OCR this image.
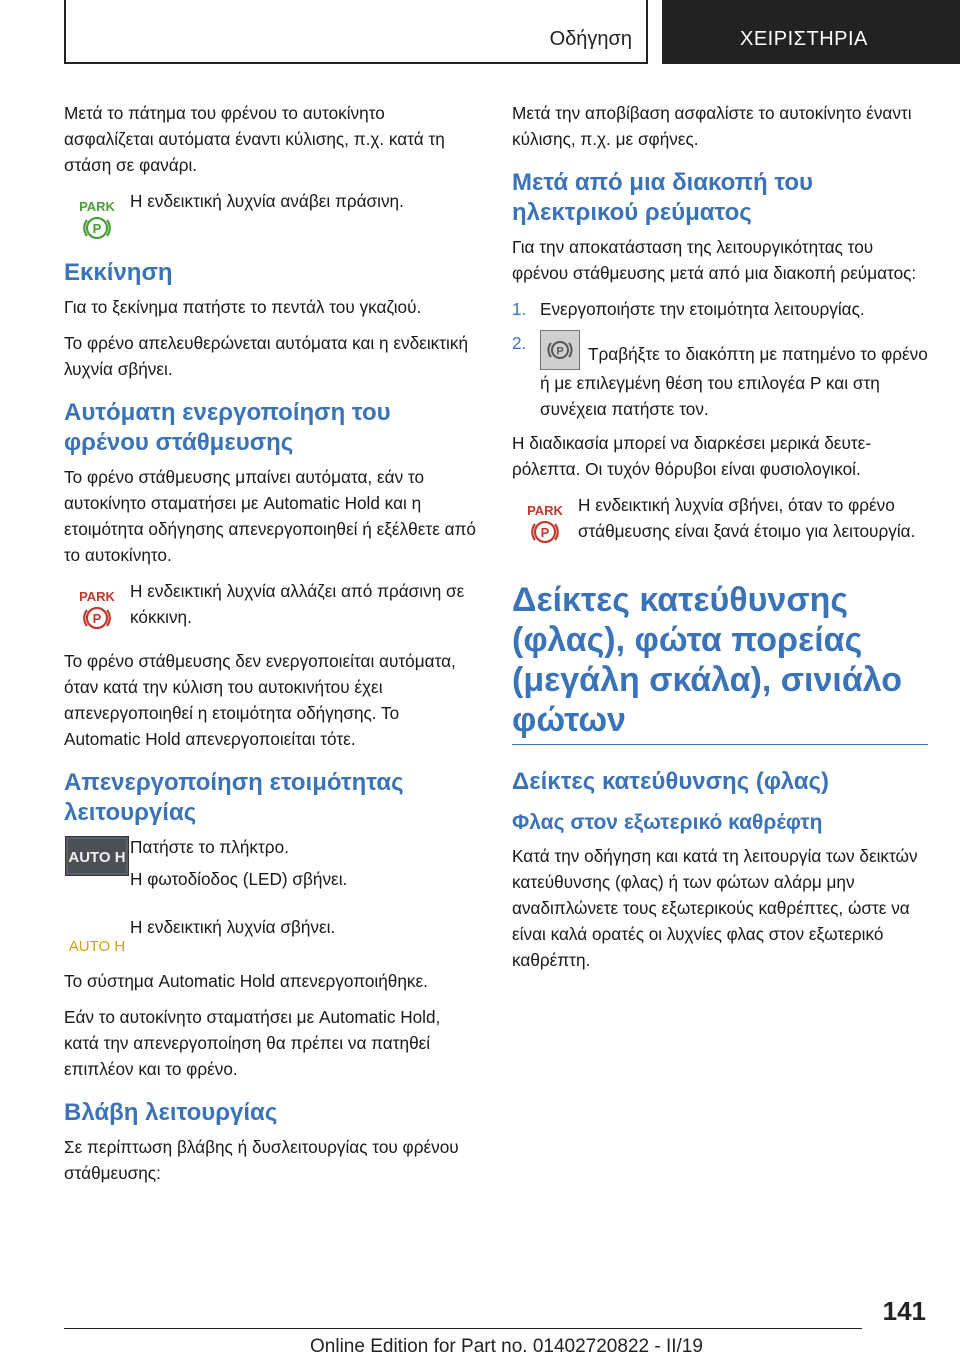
Οδήγηση	ΧΕΙΡΙΣΤΗΡΙΑ

Μετά το πάτημα του φρένου το αυτοκίνητο ασφαλίζεται αυτόματα έναντι κύλισης, π.χ. κατά τη στάση σε φανάρι.

PARK
P

Η ενδεικτική λυχνία ανάβει πράσινη.

Εκκίνηση

Για το ξεκίνημα πατήστε το πεντάλ του γκαζιού.

Το φρένο απελευθερώνεται αυτόματα και η ενδεικτική λυχνία σβήνει.

Αυτόματη ενεργοποίηση του φρένου στάθμευσης

Το φρένο στάθμευσης μπαίνει αυτόματα, εάν το αυτοκίνητο σταματήσει με Automatic Hold και η ετοιμότητα οδήγησης απενεργοποιηθεί ή εξέλθετε από το αυτοκίνητο.

PARK
P

Η ενδεικτική λυχνία αλλάζει από πράσινη σε κόκκινη.

Το φρένο στάθμευσης δεν ενεργοποιείται αυτόματα, όταν κατά την κύλιση του αυτοκινήτου έχει απενεργοποιηθεί η ετοιμότητα οδήγησης. Το Automatic Hold απενεργοποιείται τότε.

Απενεργοποίηση ετοιμότητας λειτουργίας
AUTO H

Πατήστε το πλήκτρο.

Η φωτοδίοδος (LED) σβήνει.

AUTO H

Η ενδεικτική λυχνία σβήνει.

Το σύστημα Automatic Hold απενεργοποιήθηκε.

Εάν το αυτοκίνητο σταματήσει με Automatic Hold, κατά την απενεργοποίηση θα πρέπει να πατηθεί επιπλέον και το φρένο.

Βλάβη λειτουργίας

Σε περίπτωση βλάβης ή δυσλειτουργίας του φρένου στάθμευσης:

Μετά την αποβίβαση ασφαλίστε το αυτοκίνητο έναντι κύλισης, π.χ. με σφήνες.

Μετά από μια διακοπή του ηλεκτρικού ρεύματος

Για την αποκατάσταση της λειτουργικότητας του φρένου στάθμευσης μετά από μια διακοπή ρεύματος:

1. Ενεργοποιήστε την ετοιμότητα λειτουργίας.
2.	P Τραβήξτε το διακόπτη με πατημένο το φρένο ή με επιλεγμένη θέση του επιλογέα P και στη συνέχεια πατήστε τον.

Η διαδικασία μπορεί να διαρκέσει μερικά δευτερόλεπτα. Οι τυχόν θόρυβοι είναι φυσιολογικοί.

PARK
P

Η ενδεικτική λυχνία σβήνει, όταν το φρένο στάθμευσης είναι ξανά έτοιμο για λειτουργία.

Δείκτες κατεύθυνσης (φλας), φώτα πορείας (μεγάλη σκάλα), σινιάλο φώτων
Δείκτες κατεύθυνσης (φλας)
Φλας στον εξωτερικό καθρέφτη

Κατά την οδήγηση και κατά τη λειτουργία των δεικτών κατεύθυνσης (φλας) ή των φώτων αλάρμ μην αναδιπλώνετε τους εξωτερικούς καθρέπτες, ώστε να είναι καλά ορατές οι λυχνίες φλας στον εξωτερικό καθρέπτη.

141
Online Edition for Part no. 01402720822 - II/19
